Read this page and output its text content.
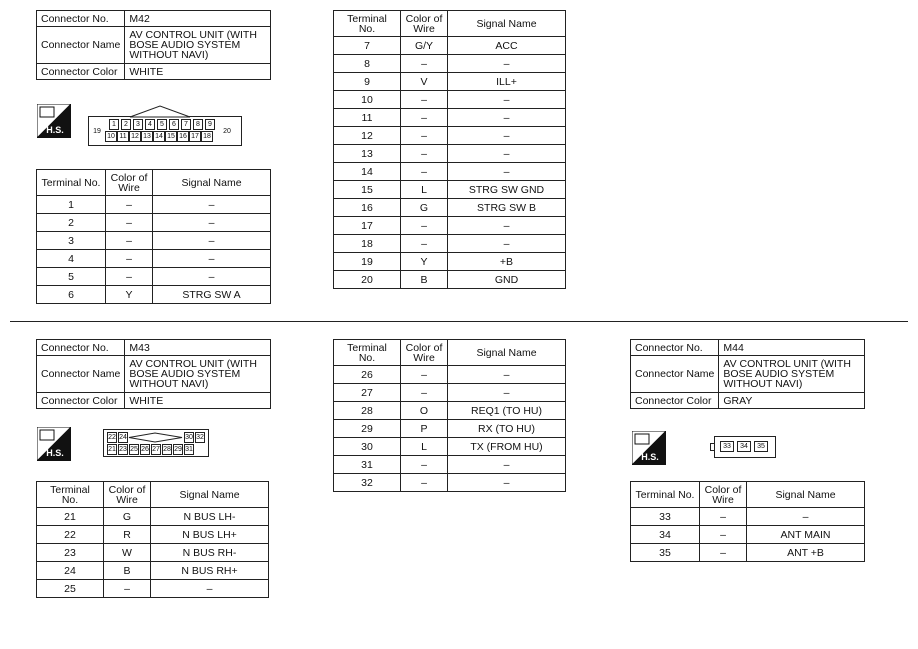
Connector No.	M42
Connector Name	AV CONTROL UNIT (WITH BOSE AUDIO SYSTEM WITHOUT NAVI)
Connector Color	WHITE
H.S.	19
1	2	3	4	5	6	7	8	9
10 11 12 13 14 15 16 17 18
20
Terminal No.	Color of Wire	Signal Name
1	–	–
2	–	–
3	–	–
4	–	–
5	–	–
6	Y	STRG SW A
Terminal No.	Color of Wire	Signal Name
7	G/Y	ACC
8	–	–
9	V	ILL+
10	–	–
11	–	–
12	–	–
13	–	–
14	–	–
15	L	STRG SW GND
16	G	STRG SW B
17	–	–
18	–	–
19	Y	+B
20	B	GND
Connector No.	M43
Connector Name	AV CONTROL UNIT (WITH BOSE AUDIO SYSTEM WITHOUT NAVI)
Connector Color	WHITE
H.S.
22 24	30 32
21 23 25 26 27 28 29 31
Terminal No.	Color of Wire	Signal Name
21	G	N BUS LH-
22	R	N BUS LH+
23	W	N BUS RH-
24	B	N BUS RH+
25	–	–
Terminal No.	Color of Wire	Signal Name
26	–	–
27	–	–
28	O	REQ1 (TO HU)
29	P	RX (TO HU)
30	L	TX (FROM HU)
31	–	–
32	–	–
Connector No.	M44
Connector Name	AV CONTROL UNIT (WITH BOSE AUDIO SYSTEM WITHOUT NAVI)
Connector Color	GRAY
H.S.
33	34	35
Terminal No.	Color of Wire	Signal Name
33	–	–
34	–	ANT MAIN
35	–	ANT +B
